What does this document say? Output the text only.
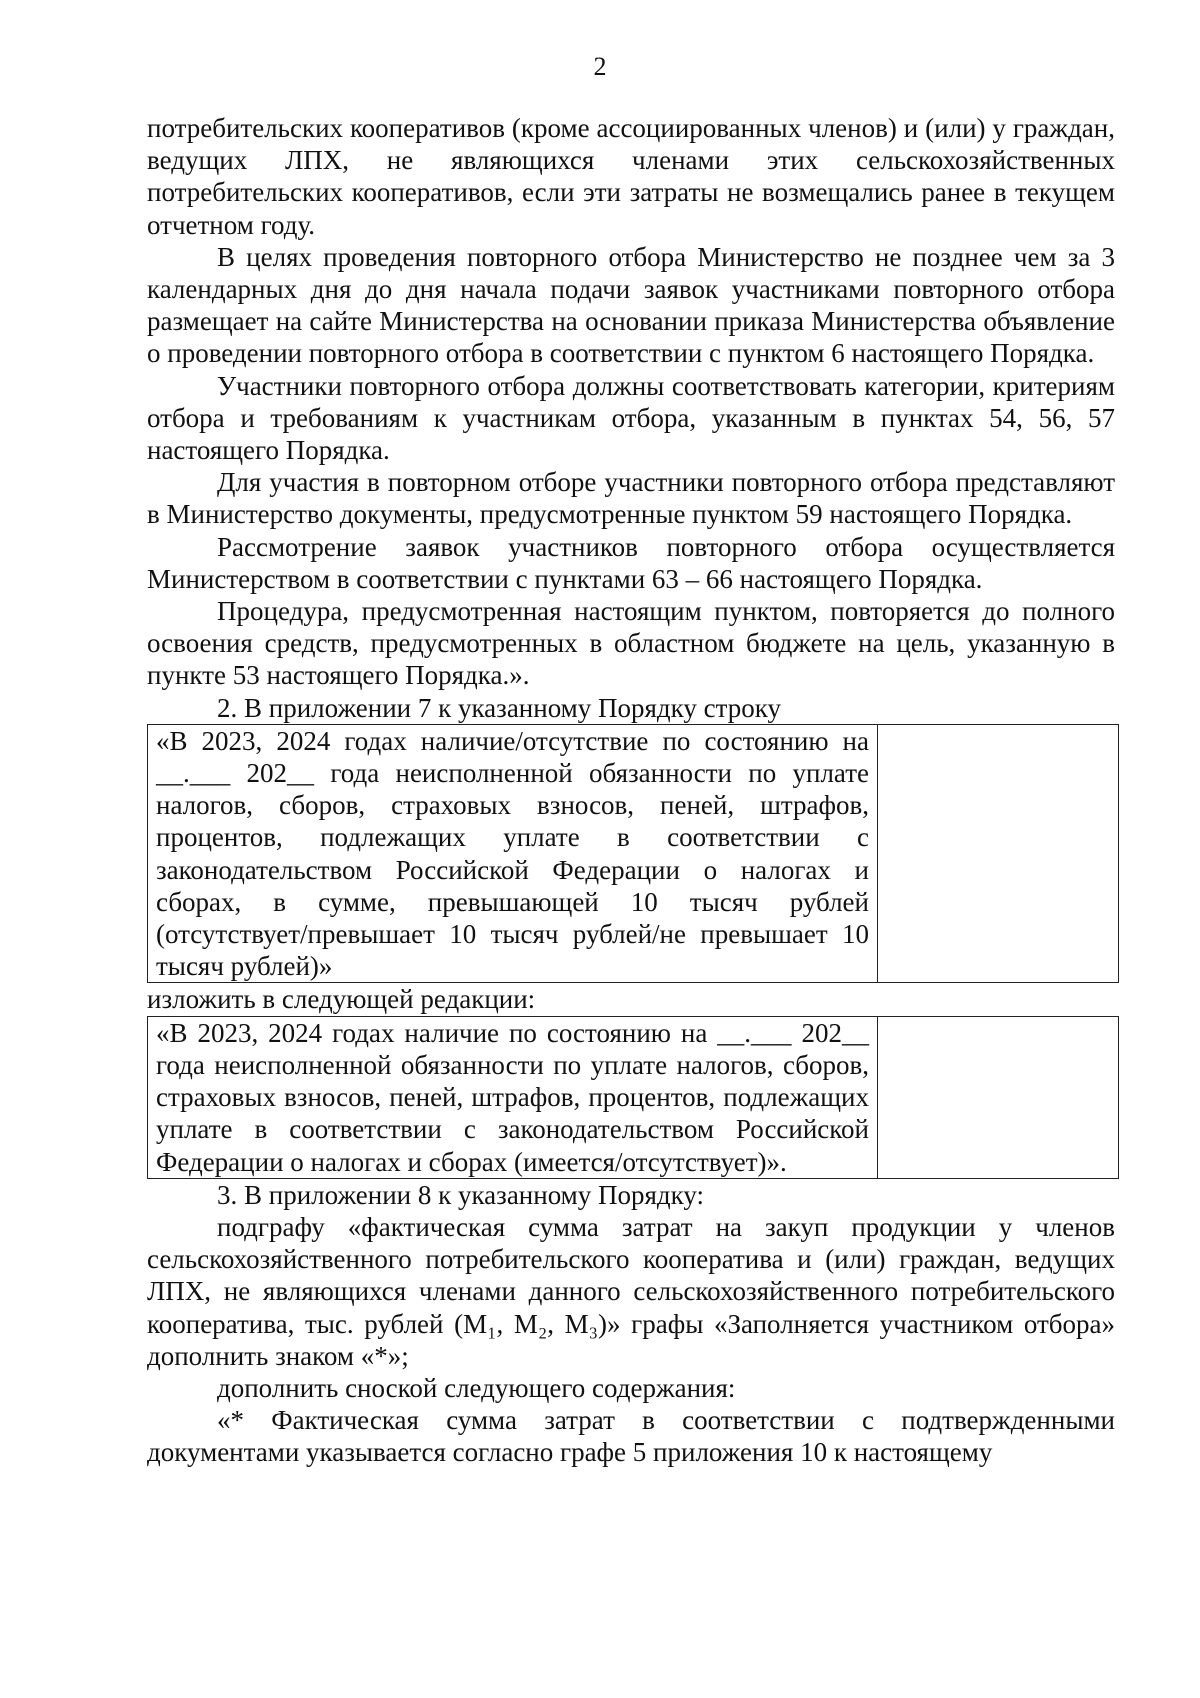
2

потребительских кооперативов (кроме ассоциированных членов) и (или) у граждан, ведущих ЛПХ, не являющихся членами этих сельскохозяйственных потребительских кооперативов, если эти затраты не возмещались ранее в текущем отчетном году.

В целях проведения повторного отбора Министерство не позднее чем за 3 календарных дня до дня начала подачи заявок участниками повторного отбора размещает на сайте Министерства на основании приказа Министерства объявление о проведении повторного отбора в соответствии с пунктом 6 настоящего Порядка.

Участники повторного отбора должны соответствовать категории, критериям отбора и требованиям к участникам отбора, указанным в пунктах 54, 56, 57 настоящего Порядка.

Для участия в повторном отборе участники повторного отбора представляют в Министерство документы, предусмотренные пунктом 59 настоящего Порядка.

Рассмотрение заявок участников повторного отбора осуществляется Министерством в соответствии с пунктами 63 – 66 настоящего Порядка.

Процедура, предусмотренная настоящим пунктом, повторяется до полного освоения средств, предусмотренных в областном бюджете на цель, указанную в пункте 53 настоящего Порядка.».

2. В приложении 7 к указанному Порядку строку

«В 2023, 2024 годах наличие/отсутствие по состоянию на __.___ 202__ года неисполненной обязанности по уплате налогов, сборов, страховых взносов, пеней, штрафов, процентов, подлежащих уплате в соответствии с законодательством Российской Федерации о налогах и сборах, в сумме, превышающей 10 тысяч рублей (отсутствует/превышает 10 тысяч рублей/не превышает 10 тысяч рублей)»	

изложить в следующей редакции:

«В 2023, 2024 годах наличие по состоянию на __.___ 202__ года неисполненной обязанности по уплате налогов, сборов, страховых взносов, пеней, штрафов, процентов, подлежащих уплате в соответствии с законодательством Российской Федерации о налогах и сборах (имеется/отсутствует)».	

3. В приложении 8 к указанному Порядку:

подграфу «фактическая сумма затрат на закуп продукции у членов сельскохозяйственного потребительского кооператива и (или) граждан, ведущих ЛПХ, не являющихся членами данного сельскохозяйственного потребительского кооператива, тыс. рублей (M₁, M₂, M₃)» графы «Заполняется участником отбора» дополнить знаком «*»;

дополнить сноской следующего содержания:

«* Фактическая сумма затрат в соответствии с подтвержденными документами указывается согласно графе 5 приложения 10 к настоящему
